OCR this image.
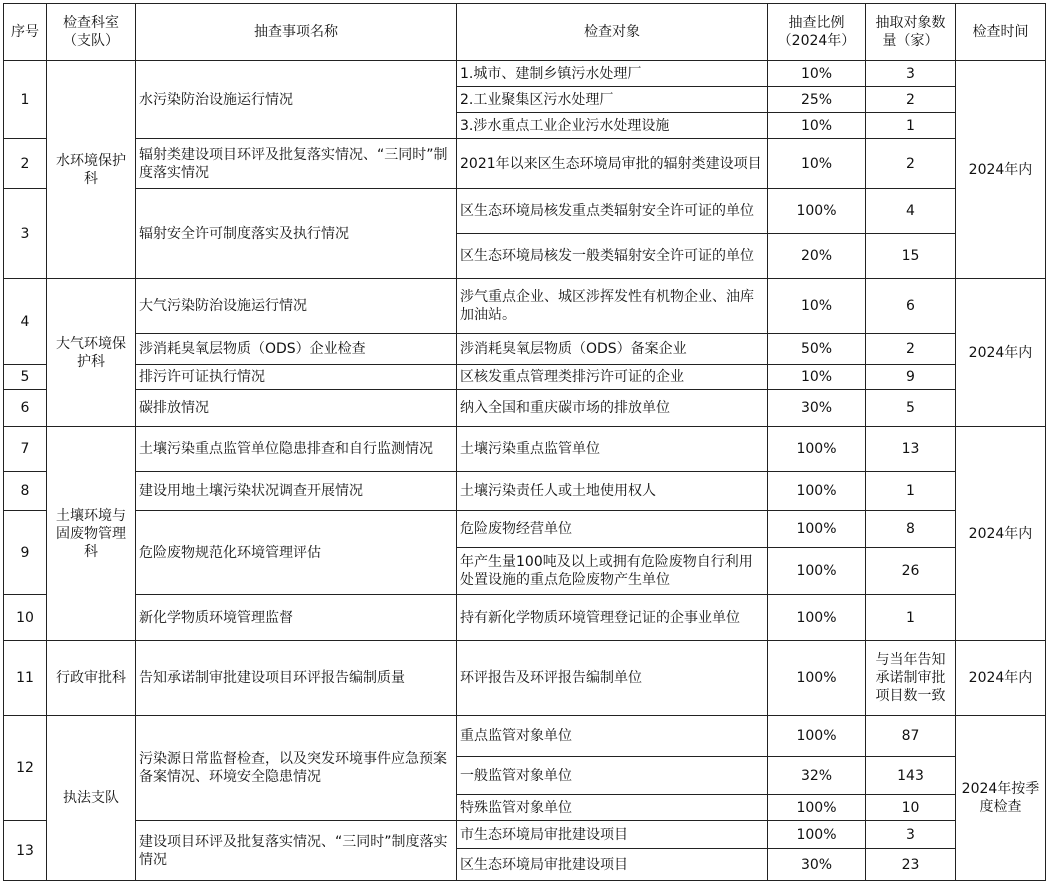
序号	检查科室（支队）	抽查事项名称	检查对象	抽查比例（2024年）	抽取对象数量（家）	检查时间
1	水环境保护科	水污染防治设施运行情况	1.城市、建制乡镇污水处理厂	10%	3	2024年内
			2.工业聚集区污水处理厂	25%	2	
			3.涉水重点工业企业污水处理设施	10%	1	
2		辐射类建设项目环评及批复落实情况、“三同时”制度落实情况	2021年以来区生态环境局审批的辐射类建设项目	10%	2	
3		辐射安全许可制度落实及执行情况	区生态环境局核发重点类辐射安全许可证的单位	100%	4	
			区生态环境局核发一般类辐射安全许可证的单位	20%	15	
4	大气环境保护科	大气污染防治设施运行情况	涉气重点企业、城区涉挥发性有机物企业、油库加油站。	10%	6	2024年内
		涉消耗臭氧层物质（ODS）企业检查	涉消耗臭氧层物质（ODS）备案企业	50%	2	
5		排污许可证执行情况	区核发重点管理类排污许可证的企业	10%	9	
6		碳排放情况	纳入全国和重庆碳市场的排放单位	30%	5	
7	土壤环境与固废物管理科	土壤污染重点监管单位隐患排查和自行监测情况	土壤污染重点监管单位	100%	13	2024年内
8		建设用地土壤污染状况调查开展情况	土壤污染责任人或土地使用权人	100%	1	
9		危险废物规范化环境管理评估	危险废物经营单位	100%	8	
			年产生量100吨及以上或拥有危险废物自行利用处置设施的重点危险废物产生单位	100%	26	
10		新化学物质环境管理监督	持有新化学物质环境管理登记证的企事业单位	100%	1	
11	行政审批科	告知承诺制审批建设项目环评报告编制质量	环评报告及环评报告编制单位	100%	与当年告知承诺制审批项目数一致	2024年内
12	执法支队	污染源日常监督检查，以及突发环境事件应急预案备案情况、环境安全隐患情况	重点监管对象单位	100%	87	2024年按季度检查
			一般监管对象单位	32%	143	
			特殊监管对象单位	100%	10	
13		建设项目环评及批复落实情况、“三同时”制度落实情况	市生态环境局审批建设项目	100%	3	
			区生态环境局审批建设项目	30%	23	
